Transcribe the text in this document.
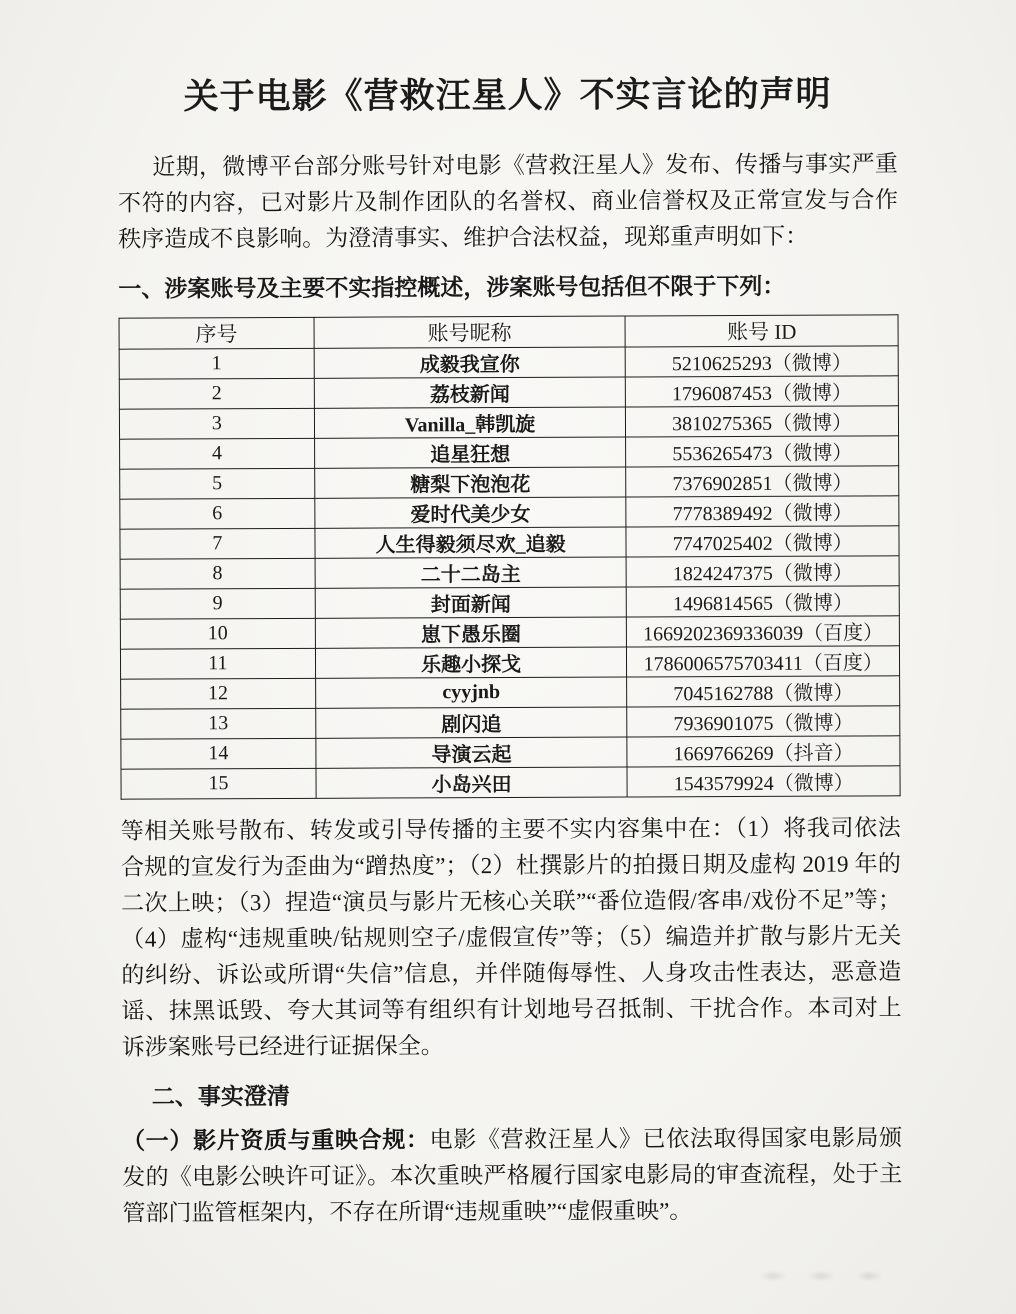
关于电影《营救汪星人》不实言论的声明

近期，微博平台部分账号针对电影《营救汪星人》发布、传播与事实严重不符的内容，已对影片及制作团队的名誉权、商业信誉权及正常宣发与合作秩序造成不良影响。为澄清事实、维护合法权益，现郑重声明如下：

一、涉案账号及主要不实指控概述，涉案账号包括但不限于下列：
序号	账号昵称	账号 ID
1	成毅我宣你	5210625293（微博）
2	荔枝新闻	1796087453（微博）
3	Vanilla_韩凯旋	3810275365（微博）
4	追星狂想	5536265473（微博）
5	糖梨下泡泡花	7376902851（微博）
6	爱时代美少女	7778389492（微博）
7	人生得毅须尽欢_追毅	7747025402（微博）
8	二十二岛主	1824247375（微博）
9	封面新闻	1496814565（微博）
10	崽下愚乐圈	1669202369336039（百度）
11	乐趣小探戈	1786006575703411（百度）
12	cyyjnb	7045162788（微博）
13	剧闪追	7936901075（微博）
14	导演云起	1669766269（抖音）
15	小岛兴田	1543579924（微博）

等相关账号散布、转发或引导传播的主要不实内容集中在：（1）将我司依法合规的宣发行为歪曲为“蹭热度”；（2）杜撰影片的拍摄日期及虚构 2019 年的二次上映；（3）捏造“演员与影片无核心关联”“番位造假/客串/戏份不足”等；（4）虚构“违规重映/钻规则空子/虚假宣传”等；（5）编造并扩散与影片无关的纠纷、诉讼或所谓“失信”信息，并伴随侮辱性、人身攻击性表达，恶意造谣、抹黑诋毁、夸大其词等有组织有计划地号召抵制、干扰合作。本司对上诉涉案账号已经进行证据保全。

二、事实澄清

（一）影片资质与重映合规：电影《营救汪星人》已依法取得国家电影局颁发的《电影公映许可证》。本次重映严格履行国家电影局的审查流程，处于主管部门监管框架内，不存在所谓“违规重映”“虚假重映”。
